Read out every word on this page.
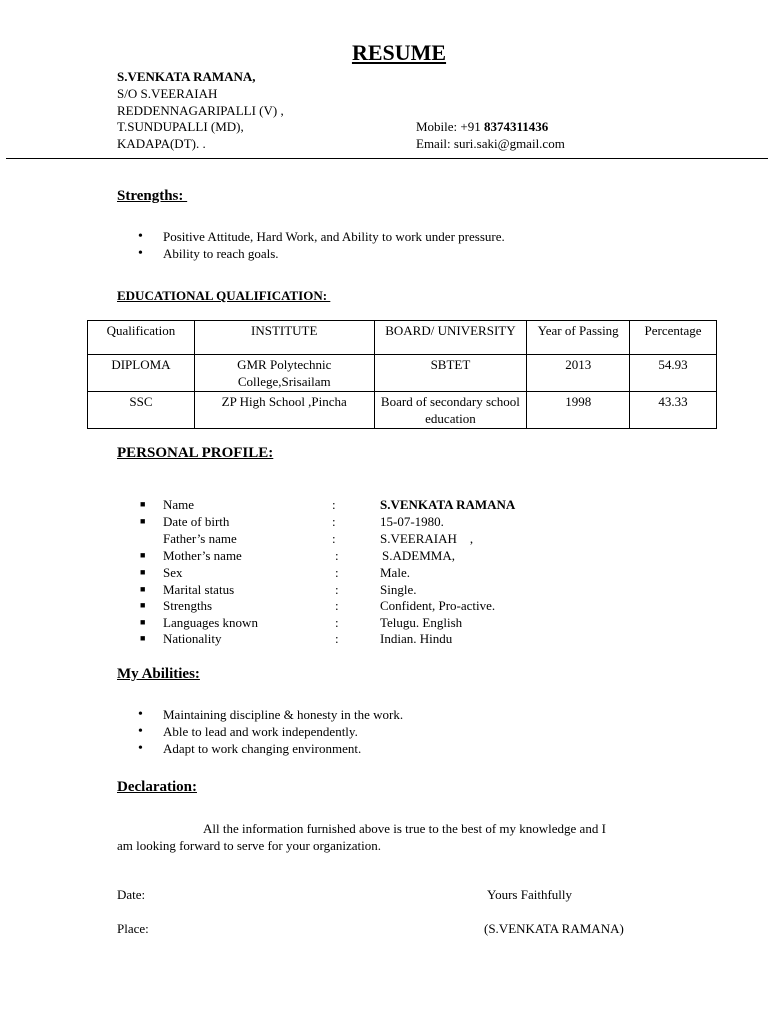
RESUME
S.VENKATA RAMANA,
S/O S.VEERAIAH
REDDENNAGARIPALLI (V) ,
T.SUNDUPALLI (MD),
KADAPA(DT). .
Mobile: +91 8374311436
Email: suri.saki@gmail.com
Strengths:
• Positive Attitude, Hard Work, and Ability to work under pressure.
• Ability to reach goals.
EDUCATIONAL QUALIFICATION:
Qualification	INSTITUTE	BOARD/ UNIVERSITY	Year of Passing	Percentage
DIPLOMA	GMR Polytechnic College,Srisailam	SBTET	2013	54.93
SSC	ZP High School ,Pincha	Board of secondary school education	1998	43.33
PERSONAL PROFILE:
■ Name	:	S.VENKATA RAMANA
■ Date of birth	:	15-07-1980.
Father’s name	:	S.VEERAIAH    ,
■ Mother’s name	:	S.ADEMMA,
■ Sex	:	Male.
■ Marital status	:	Single.
■ Strengths	:	Confident, Pro-active.
■ Languages known	:	Telugu. English
■ Nationality	:	Indian. Hindu
My Abilities:
• Maintaining discipline & honesty in the work.
• Able to lead and work independently.
• Adapt to work changing environment.
Declaration:
All the information furnished above is true to the best of my knowledge and I
am looking forward to serve for your organization.
Date:	Yours Faithfully
Place:	(S.VENKATA RAMANA)
